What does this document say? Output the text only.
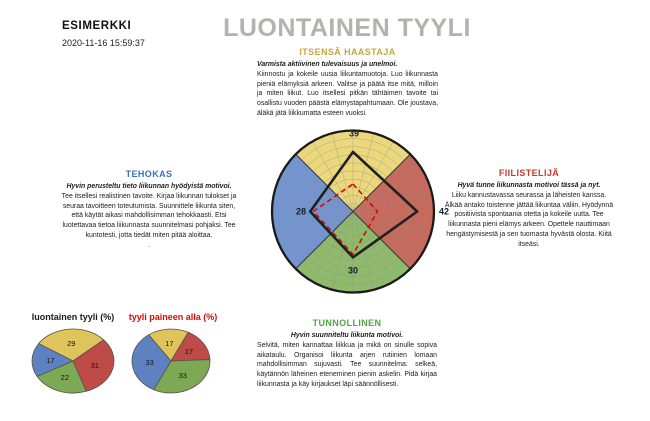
ESIMERKKI
2020-11-16 15:59:37
LUONTAINEN TYYLI
ITSENSÄ HAASTAJA

Varmista aktiivinen tulevaisuus ja unelmoi.

Kiinnostu ja kokeile uusia liikuntamuotoja. Luo liikunnasta pieniä elämyksiä arkeen. Valitse ja päätä itse mitä, milloin ja miten liikut. Luo itsellesi pitkän tähtäimen tavoite tai osallistu vuoden päästä elämystapahtumaan. Ole joustava, äläkä jätä liikkumatta esteen vuoksi.

TEHOKAS

Hyvin perusteltu tieto liikunnan hyödyistä motivoi.

Tee itsellesi realistinen tavoite. Kirjaa liikunnan tulokset ja seuraa tavoitteen toteutumista. Suunnittele liikunta siten, että käytät aikasi mahdollisimman tehokkaasti. Etsi luotettavaa tietoa liikunnasta suunnitelmasi pohjaksi. Tee kuntotesti, jotta tiedät miten pitää aloittaa.

.

FIILISTELIJÄ

Hyvä tunne liikunnasta motivoi tässä ja nyt.

Liiku kannustavassa seurassa ja läheisten kanssa. Älkää antako toistenne jättää liikuntaa väliin. Hyödynnä positiivista spontaania otetta ja kokeile uutta. Tee liikunnasta pieni elämys arkeen. Opettele nauttimaan hengästymisestä ja sen tuomasta hyvästä olosta. Kiitä itseäsi.

TUNNOLLINEN

Hyvin suunniteltu liikunta motivoi.

Selvitä, miten kannattaa liikkua ja mikä on sinulle sopiva aikataulu. Organisoi liikunta arjen rutiinien lomaan mahdollisimman sujuvasti. Tee suunnitelma: selkeä, käytännön läheinen eteneminen pienin askelin. Pidä kirjaa liikunnasta ja käy kirjaukset läpi säännöllisesti.

39
42
30
28
luontainen tyyli (%)
29
31
22
17
tyyli paineen alla (%)
17
17
33
33
